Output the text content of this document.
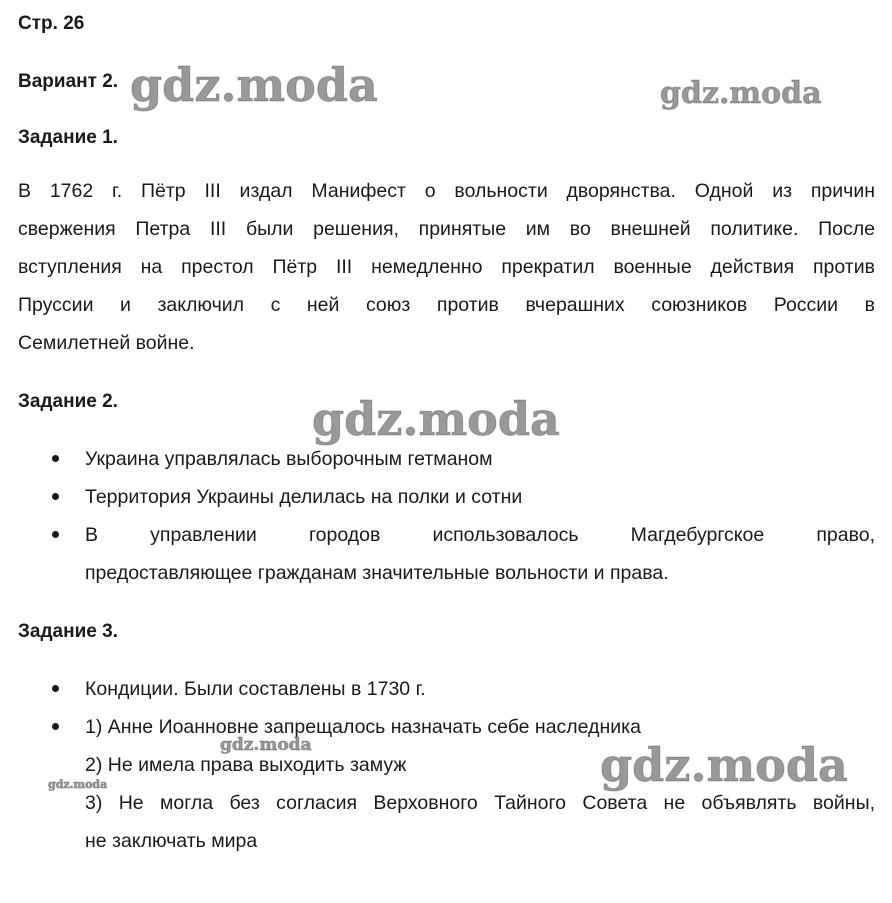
Стр. 26
Вариант 2.
Задание 1.
В 1762 г. Пётр III издал Манифест о вольности дворянства. Одной из причин
свержения Петра III были решения, принятые им во внешней политике. После
вступления на престол Пётр III немедленно прекратил военные действия против
Пруссии и заключил с ней союз против вчерашних союзников России в
Семилетней войне.
Задание 2.
Украина управлялась выборочным гетманом
Территория Украины делилась на полки и сотни
В управлении городов использовалось Магдебургское право,
предоставляющее гражданам значительные вольности и права.
Задание 3.
Кондиции. Были составлены в 1730 г.
1) Анне Иоанновне запрещалось назначать себе наследника
2) Не имела права выходить замуж
3) Не могла без согласия Верховного Тайного Совета не объявлять войны,
не заключать мира
gdz.moda	gdz.moda
gdz.moda
gdz.moda
gdz.moda	gdz.moda
